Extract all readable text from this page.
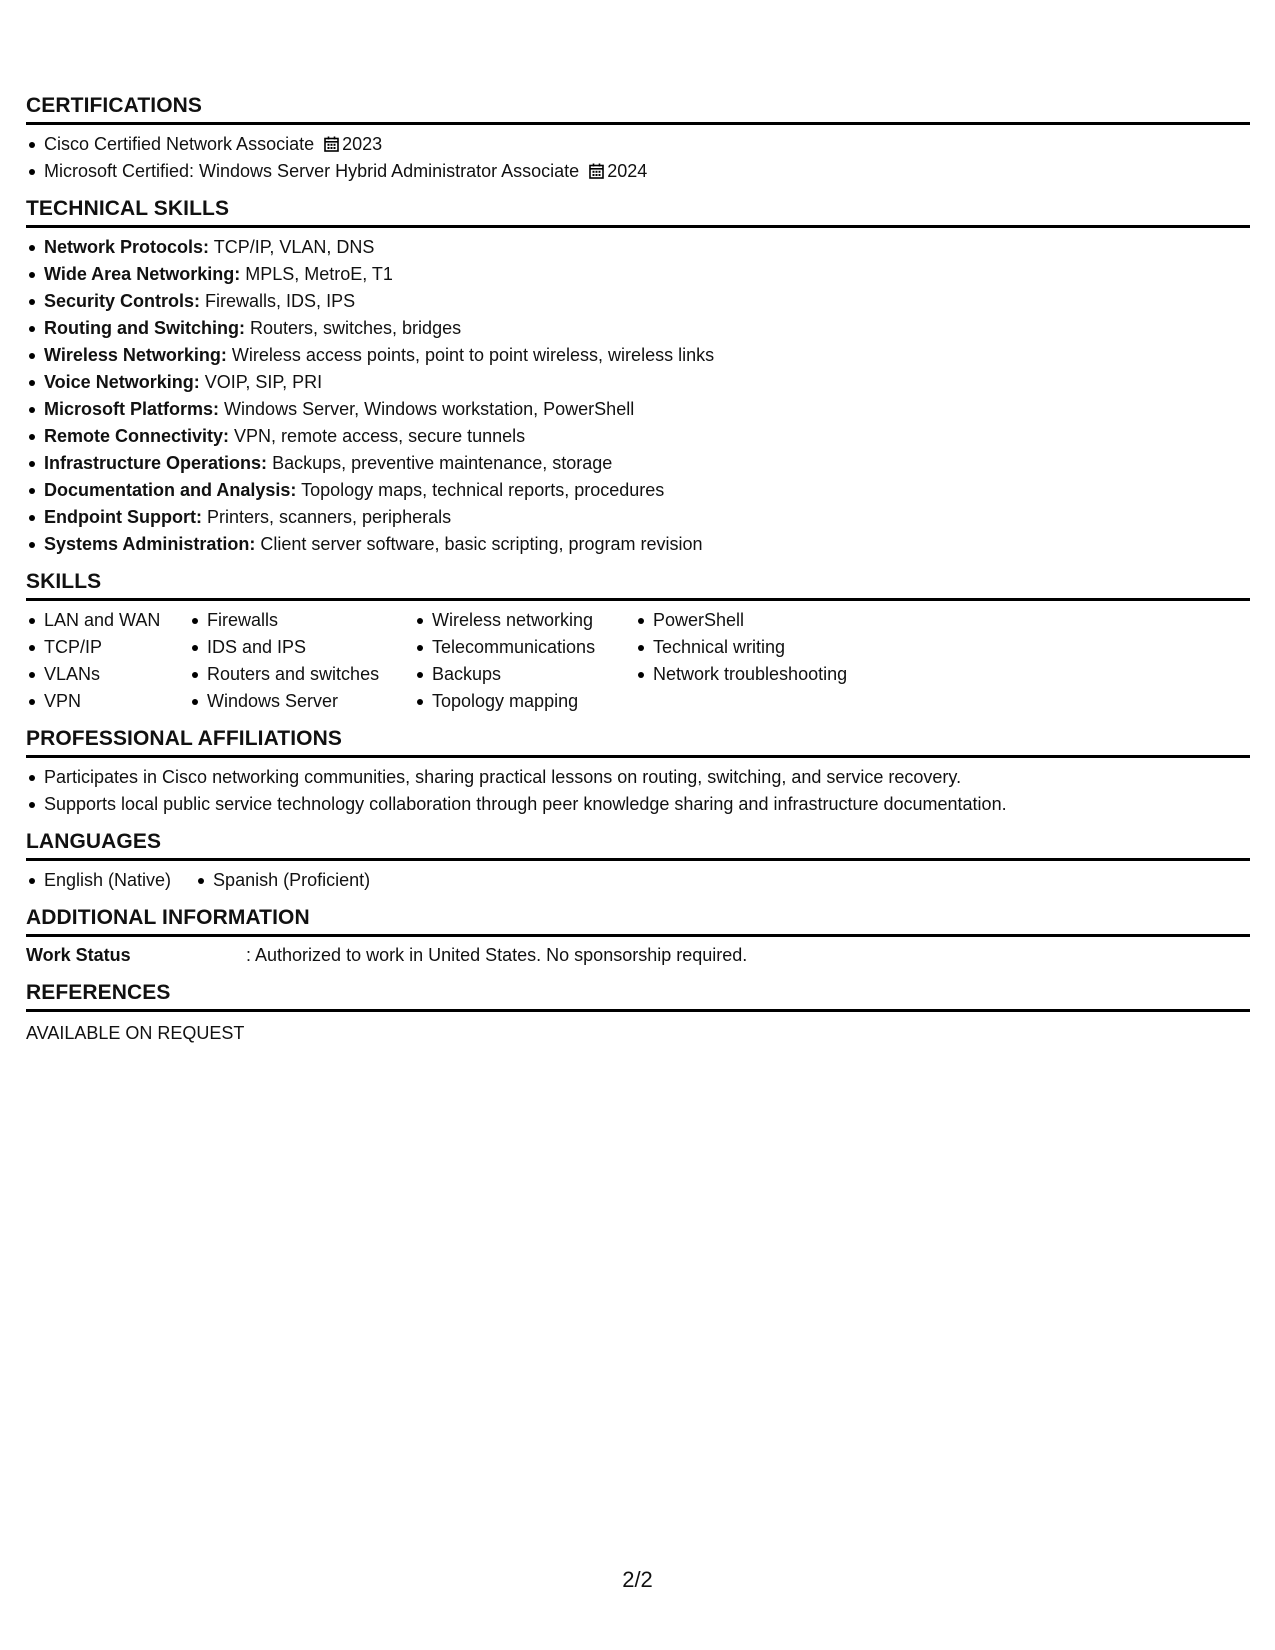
CERTIFICATIONS
Cisco Certified Network Associate 2023
Microsoft Certified: Windows Server Hybrid Administrator Associate 2024
TECHNICAL SKILLS
Network Protocols: TCP/IP, VLAN, DNS
Wide Area Networking: MPLS, MetroE, T1
Security Controls: Firewalls, IDS, IPS
Routing and Switching: Routers, switches, bridges
Wireless Networking: Wireless access points, point to point wireless, wireless links
Voice Networking: VOIP, SIP, PRI
Microsoft Platforms: Windows Server, Windows workstation, PowerShell
Remote Connectivity: VPN, remote access, secure tunnels
Infrastructure Operations: Backups, preventive maintenance, storage
Documentation and Analysis: Topology maps, technical reports, procedures
Endpoint Support: Printers, scanners, peripherals
Systems Administration: Client server software, basic scripting, program revision
SKILLS
LAN and WAN
TCP/IP
VLANs
VPN
Firewalls
IDS and IPS
Routers and switches
Windows Server
Wireless networking
Telecommunications
Backups
Topology mapping
PowerShell
Technical writing
Network troubleshooting
PROFESSIONAL AFFILIATIONS
Participates in Cisco networking communities, sharing practical lessons on routing, switching, and service recovery.
Supports local public service technology collaboration through peer knowledge sharing and infrastructure documentation.
LANGUAGES
English (Native) Spanish (Proficient)
ADDITIONAL INFORMATION
Work Status	: Authorized to work in United States. No sponsorship required.
REFERENCES
AVAILABLE ON REQUEST
2/2
